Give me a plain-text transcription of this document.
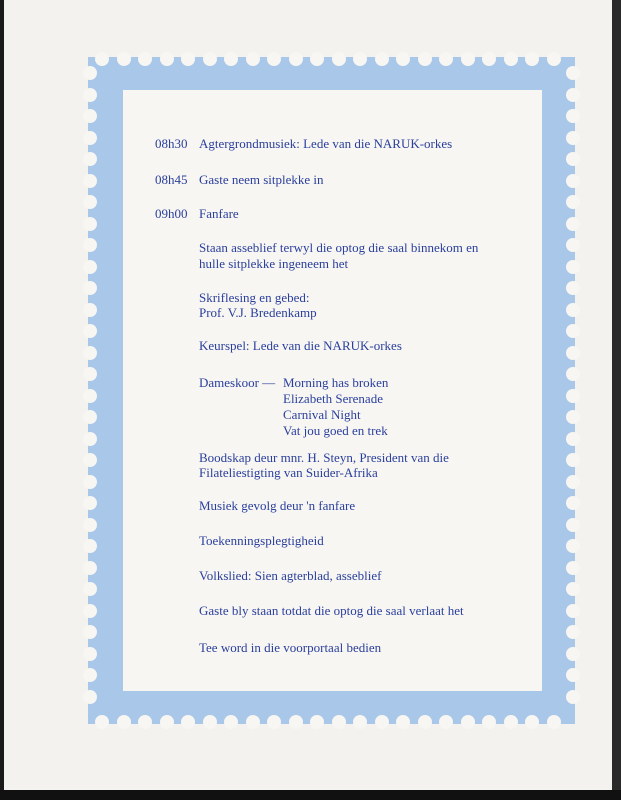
08h30 Agtergrondmusiek: Lede van die NARUK-orkes
08h45 Gaste neem sitplekke in
09h00 Fanfare
Staan asseblief terwyl die optog die saal binnekom en
hulle sitplekke ingeneem het
Skriflesing en gebed:
Prof. V.J. Bredenkamp
Keurspel: Lede van die NARUK-orkes
Dameskoor — Morning has broken
Elizabeth Serenade
Carnival Night
Vat jou goed en trek
Boodskap deur mnr. H. Steyn, President van die
Filateliestigting van Suider-Afrika
Musiek gevolg deur 'n fanfare
Toekenningsplegtigheid
Volkslied: Sien agterblad, asseblief
Gaste bly staan totdat die optog die saal verlaat het
Tee word in die voorportaal bedien
